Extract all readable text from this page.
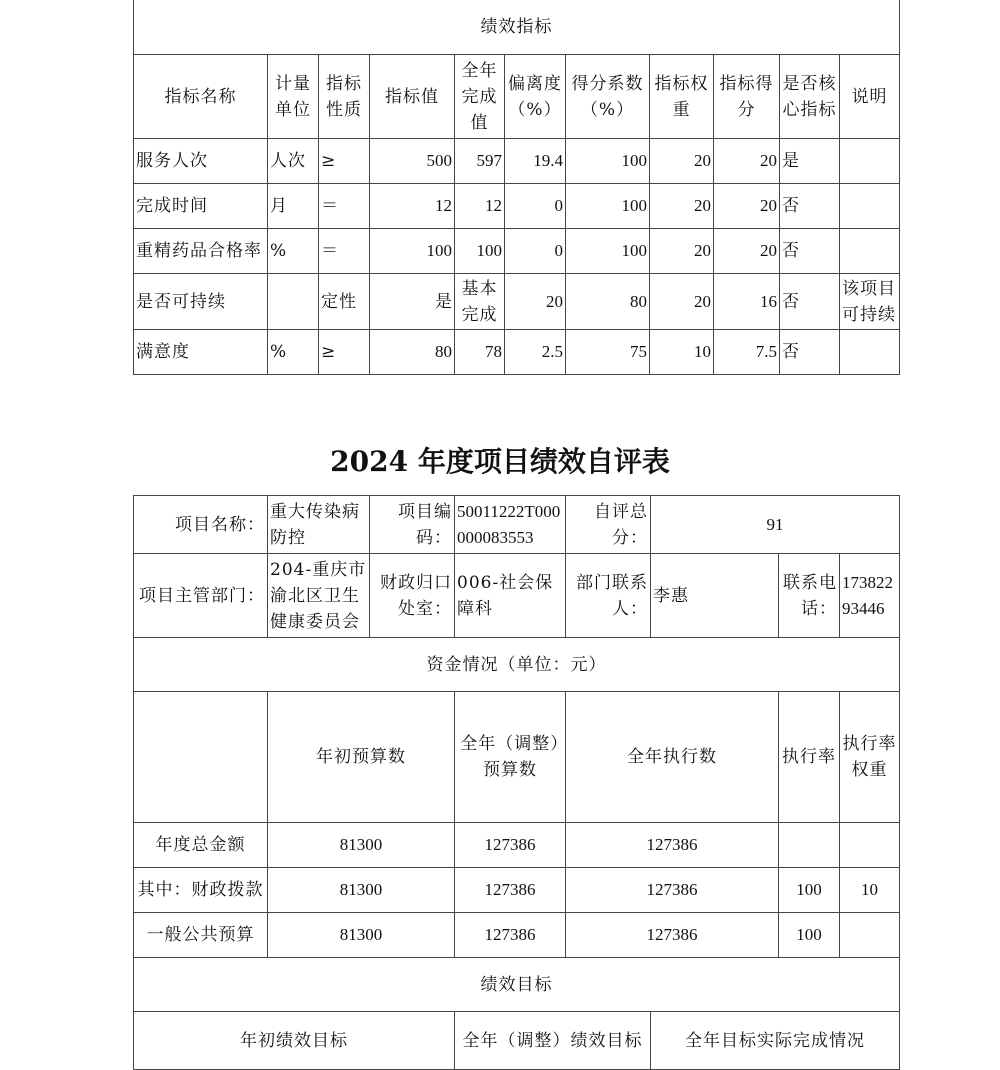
绩效指标										
指标名称	计量单位	指标性质	指标值	全年完成值	偏离度（%）	得分系数（%）	指标权重	指标得分	是否核心指标	说明
服务人次	人次	≥	500	597	19.4	100	20	20	是	
完成时间	月	＝	12	12	0	100	20	20	否	
重精药品合格率	%	＝	100	100	0	100	20	20	否	
是否可持续		定性	是	基本完成	20	80	20	16	否	该项目可持续
满意度	%	≥	80	78	2.5	75	10	7.5	否	
2024 年度项目绩效自评表
项目名称：	重大传染病防控	项目编码：	50011222T000000083553	自评总分：	91			
项目主管部门：	204-重庆市渝北区卫生健康委员会	财政归口处室：	006-社会保障科	部门联系人：	李惠	联系电话：	17382293446	
资金情况（单位：元）								
	年初预算数		全年（调整）预算数	全年执行数		执行率	执行率权重	
年度总金额	81300		127386	127386				
其中：财政拨款	81300		127386	127386		100	10	
一般公共预算	81300		127386	127386		100		
绩效目标								
年初绩效目标			全年（调整）绩效目标		全年目标实际完成情况			
